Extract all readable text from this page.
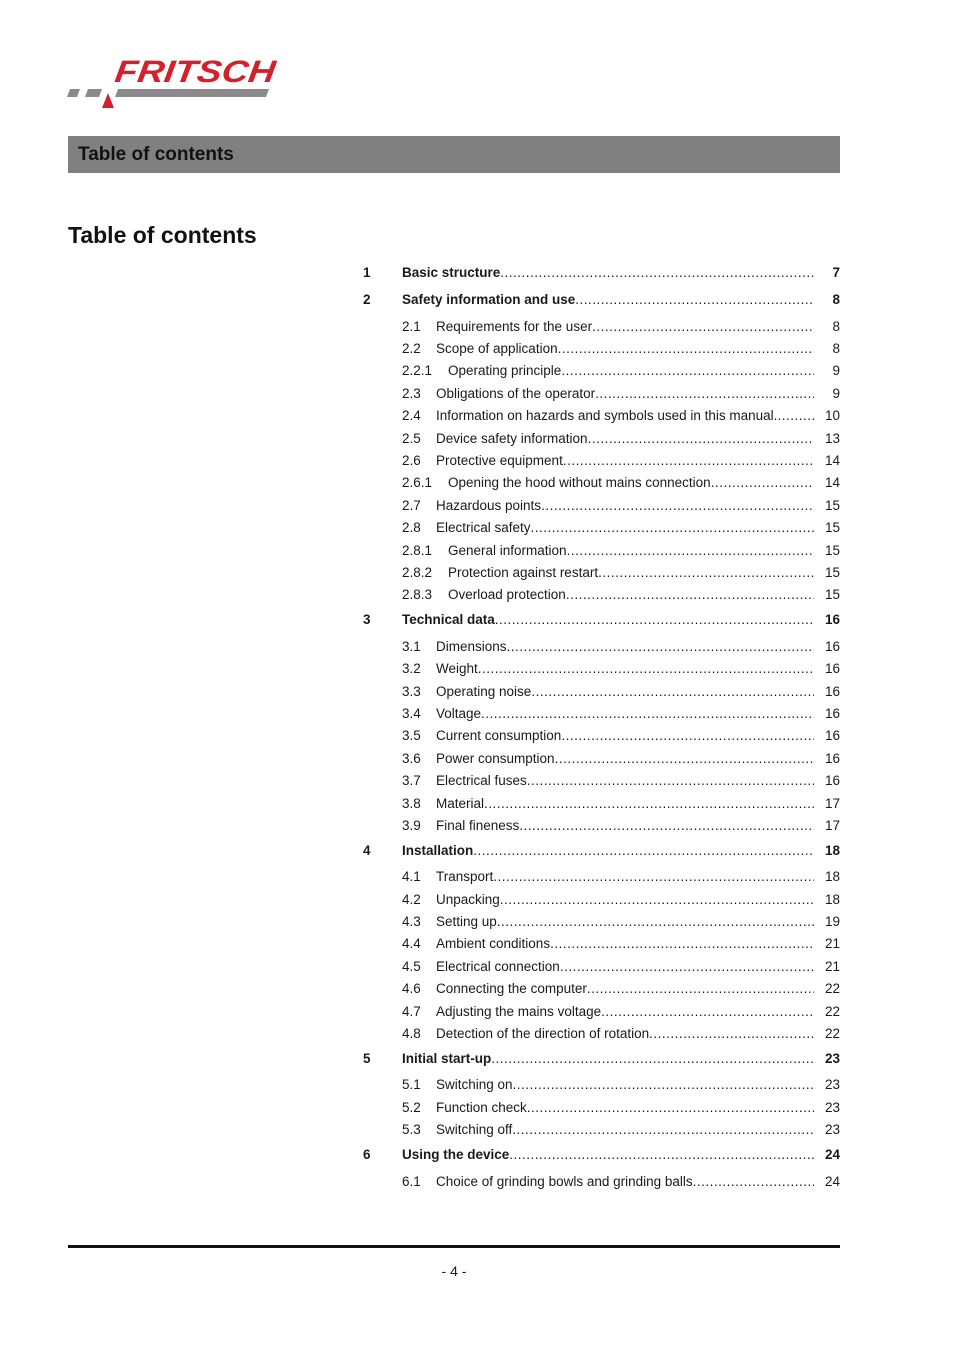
FRITSCH
Table of contents
Table of contents
1	Basic structure .....	7
2	Safety information and use .....	8
2.1	Requirements for the user .....	8
2.2	Scope of application .....	8
2.2.1	Operating principle .....	9
2.3	Obligations of the operator .....	9
2.4	Information on hazards and symbols used in this manual. .....	10
2.5	Device safety information .....	13
2.6	Protective equipment .....	14
2.6.1	Opening the hood without mains connection .....	14
2.7	Hazardous points .....	15
2.8	Electrical safety .....	15
2.8.1	General information .....	15
2.8.2	Protection against restart .....	15
2.8.3	Overload protection .....	15
3	Technical data .....	16
3.1	Dimensions .....	16
3.2	Weight .....	16
3.3	Operating noise .....	16
3.4	Voltage .....	16
3.5	Current consumption .....	16
3.6	Power consumption .....	16
3.7	Electrical fuses .....	16
3.8	Material .....	17
3.9	Final fineness .....	17
4	Installation .....	18
4.1	Transport .....	18
4.2	Unpacking .....	18
4.3	Setting up .....	19
4.4	Ambient conditions .....	21
4.5	Electrical connection .....	21
4.6	Connecting the computer .....	22
4.7	Adjusting the mains voltage .....	22
4.8	Detection of the direction of rotation .....	22
5	Initial start-up .....	23
5.1	Switching on .....	23
5.2	Function check .....	23
5.3	Switching off .....	23
6	Using the device .....	24
6.1	Choice of grinding bowls and grinding balls .....	24
- 4 -
